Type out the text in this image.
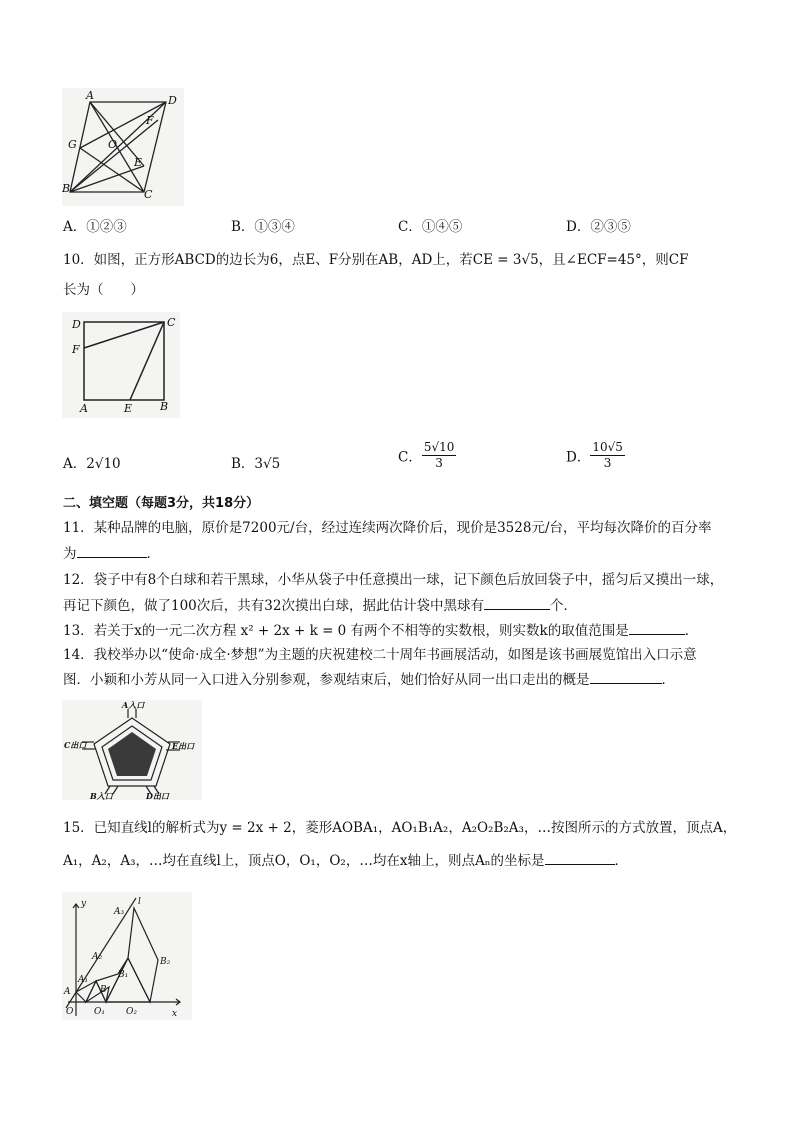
A	D
F
G	O
E
B	C
A．①②③	B．①③④	C．①④⑤	D．②③⑤
10．如图，正方形ABCD的边长为6，点E、F分别在AB，AD上，若CE = 3√5，且∠ECF=45°，则CF
长为（　　）
D	C
F
A	E	B
A．2√10	B．3√5	C． $\frac{5√10}{3}$	D． $\frac{10√5}{3}$
二、填空题（每题3分，共18分）
11．某种品牌的电脑，原价是7200元/台，经过连续两次降价后，现价是3528元/台，平均每次降价的百分率
为	．
12．袋子中有8个白球和若干黑球，小华从袋子中任意摸出一球，记下颜色后放回袋子中，摇匀后又摸出一球，
再记下颜色，做了100次后，共有32次摸出白球，据此估计袋中黑球有	个．
13．若关于x的一元二次方程 x² + 2x + k = 0 有两个不相等的实数根，则实数k的取值范围是	．
14．我校举办以“使命·成全·梦想”为主题的庆祝建校二十周年书画展活动，如图是该书画展览馆出入口示意
图．小颖和小芳从同一入口进入分别参观，参观结束后，她们恰好从同一出口走出的概是	．
A入口
C出口	E出口
B入口	D出口
15．已知直线l的解析式为y = 2x + 2，菱形AOBA₁，AO₁B₁A₂，A₂O₂B₂A₃，…按图所示的方式放置，顶点A，
A₁，A₂，A₃，…均在直线l上，顶点O，O₁，O₂，…均在x轴上，则点Aₙ的坐标是	．
y	l
A₃
A₂	B₂
B₁
A₁
A	B
O O₁ O₂	x
